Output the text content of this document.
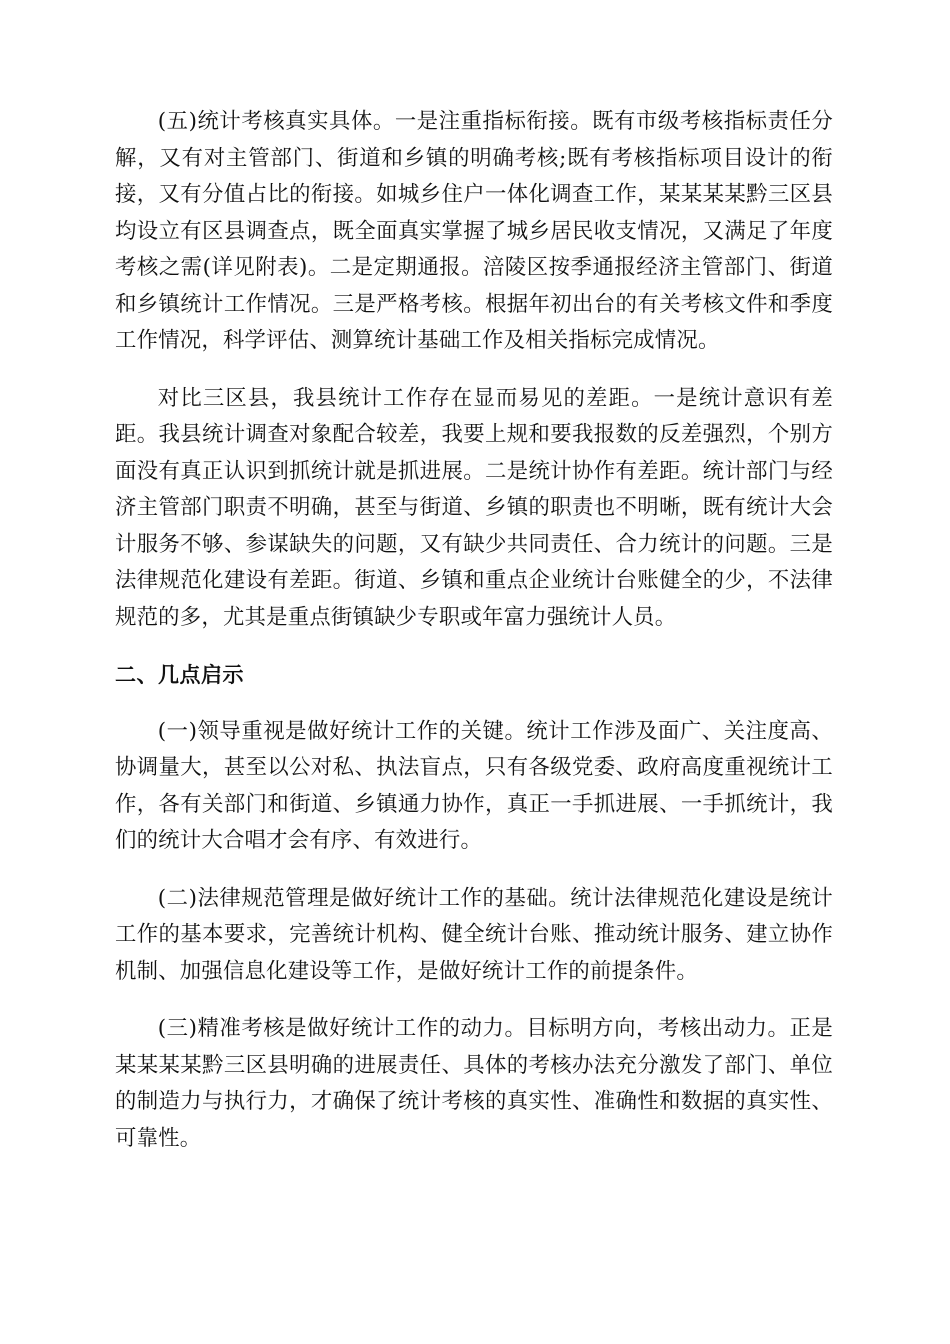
(五)统计考核真实具体。一是注重指标衔接。既有市级考核指标责任分解，又有对主管部门、街道和乡镇的明确考核;既有考核指标项目设计的衔接，又有分值占比的衔接。如城乡住户一体化调查工作，某某某某黔三区县均设立有区县调查点，既全面真实掌握了城乡居民收支情况，又满足了年度考核之需(详见附表)。二是定期通报。涪陵区按季通报经济主管部门、街道和乡镇统计工作情况。三是严格考核。根据年初出台的有关考核文件和季度工作情况，科学评估、测算统计基础工作及相关指标完成情况。

对比三区县，我县统计工作存在显而易见的差距。一是统计意识有差距。我县统计调查对象配合较差，我要上规和要我报数的反差强烈，个别方面没有真正认识到抓统计就是抓进展。二是统计协作有差距。统计部门与经济主管部门职责不明确，甚至与街道、乡镇的职责也不明晰，既有统计大会计服务不够、参谋缺失的问题，又有缺少共同责任、合力统计的问题。三是法律规范化建设有差距。街道、乡镇和重点企业统计台账健全的少，不法律规范的多，尤其是重点街镇缺少专职或年富力强统计人员。

二、几点启示

(一)领导重视是做好统计工作的关键。统计工作涉及面广、关注度高、协调量大，甚至以公对私、执法盲点，只有各级党委、政府高度重视统计工作，各有关部门和街道、乡镇通力协作，真正一手抓进展、一手抓统计，我们的统计大合唱才会有序、有效进行。

(二)法律规范管理是做好统计工作的基础。统计法律规范化建设是统计工作的基本要求，完善统计机构、健全统计台账、推动统计服务、建立协作机制、加强信息化建设等工作，是做好统计工作的前提条件。

(三)精准考核是做好统计工作的动力。目标明方向，考核出动力。正是某某某某黔三区县明确的进展责任、具体的考核办法充分激发了部门、单位的制造力与执行力，才确保了统计考核的真实性、准确性和数据的真实性、可靠性。
